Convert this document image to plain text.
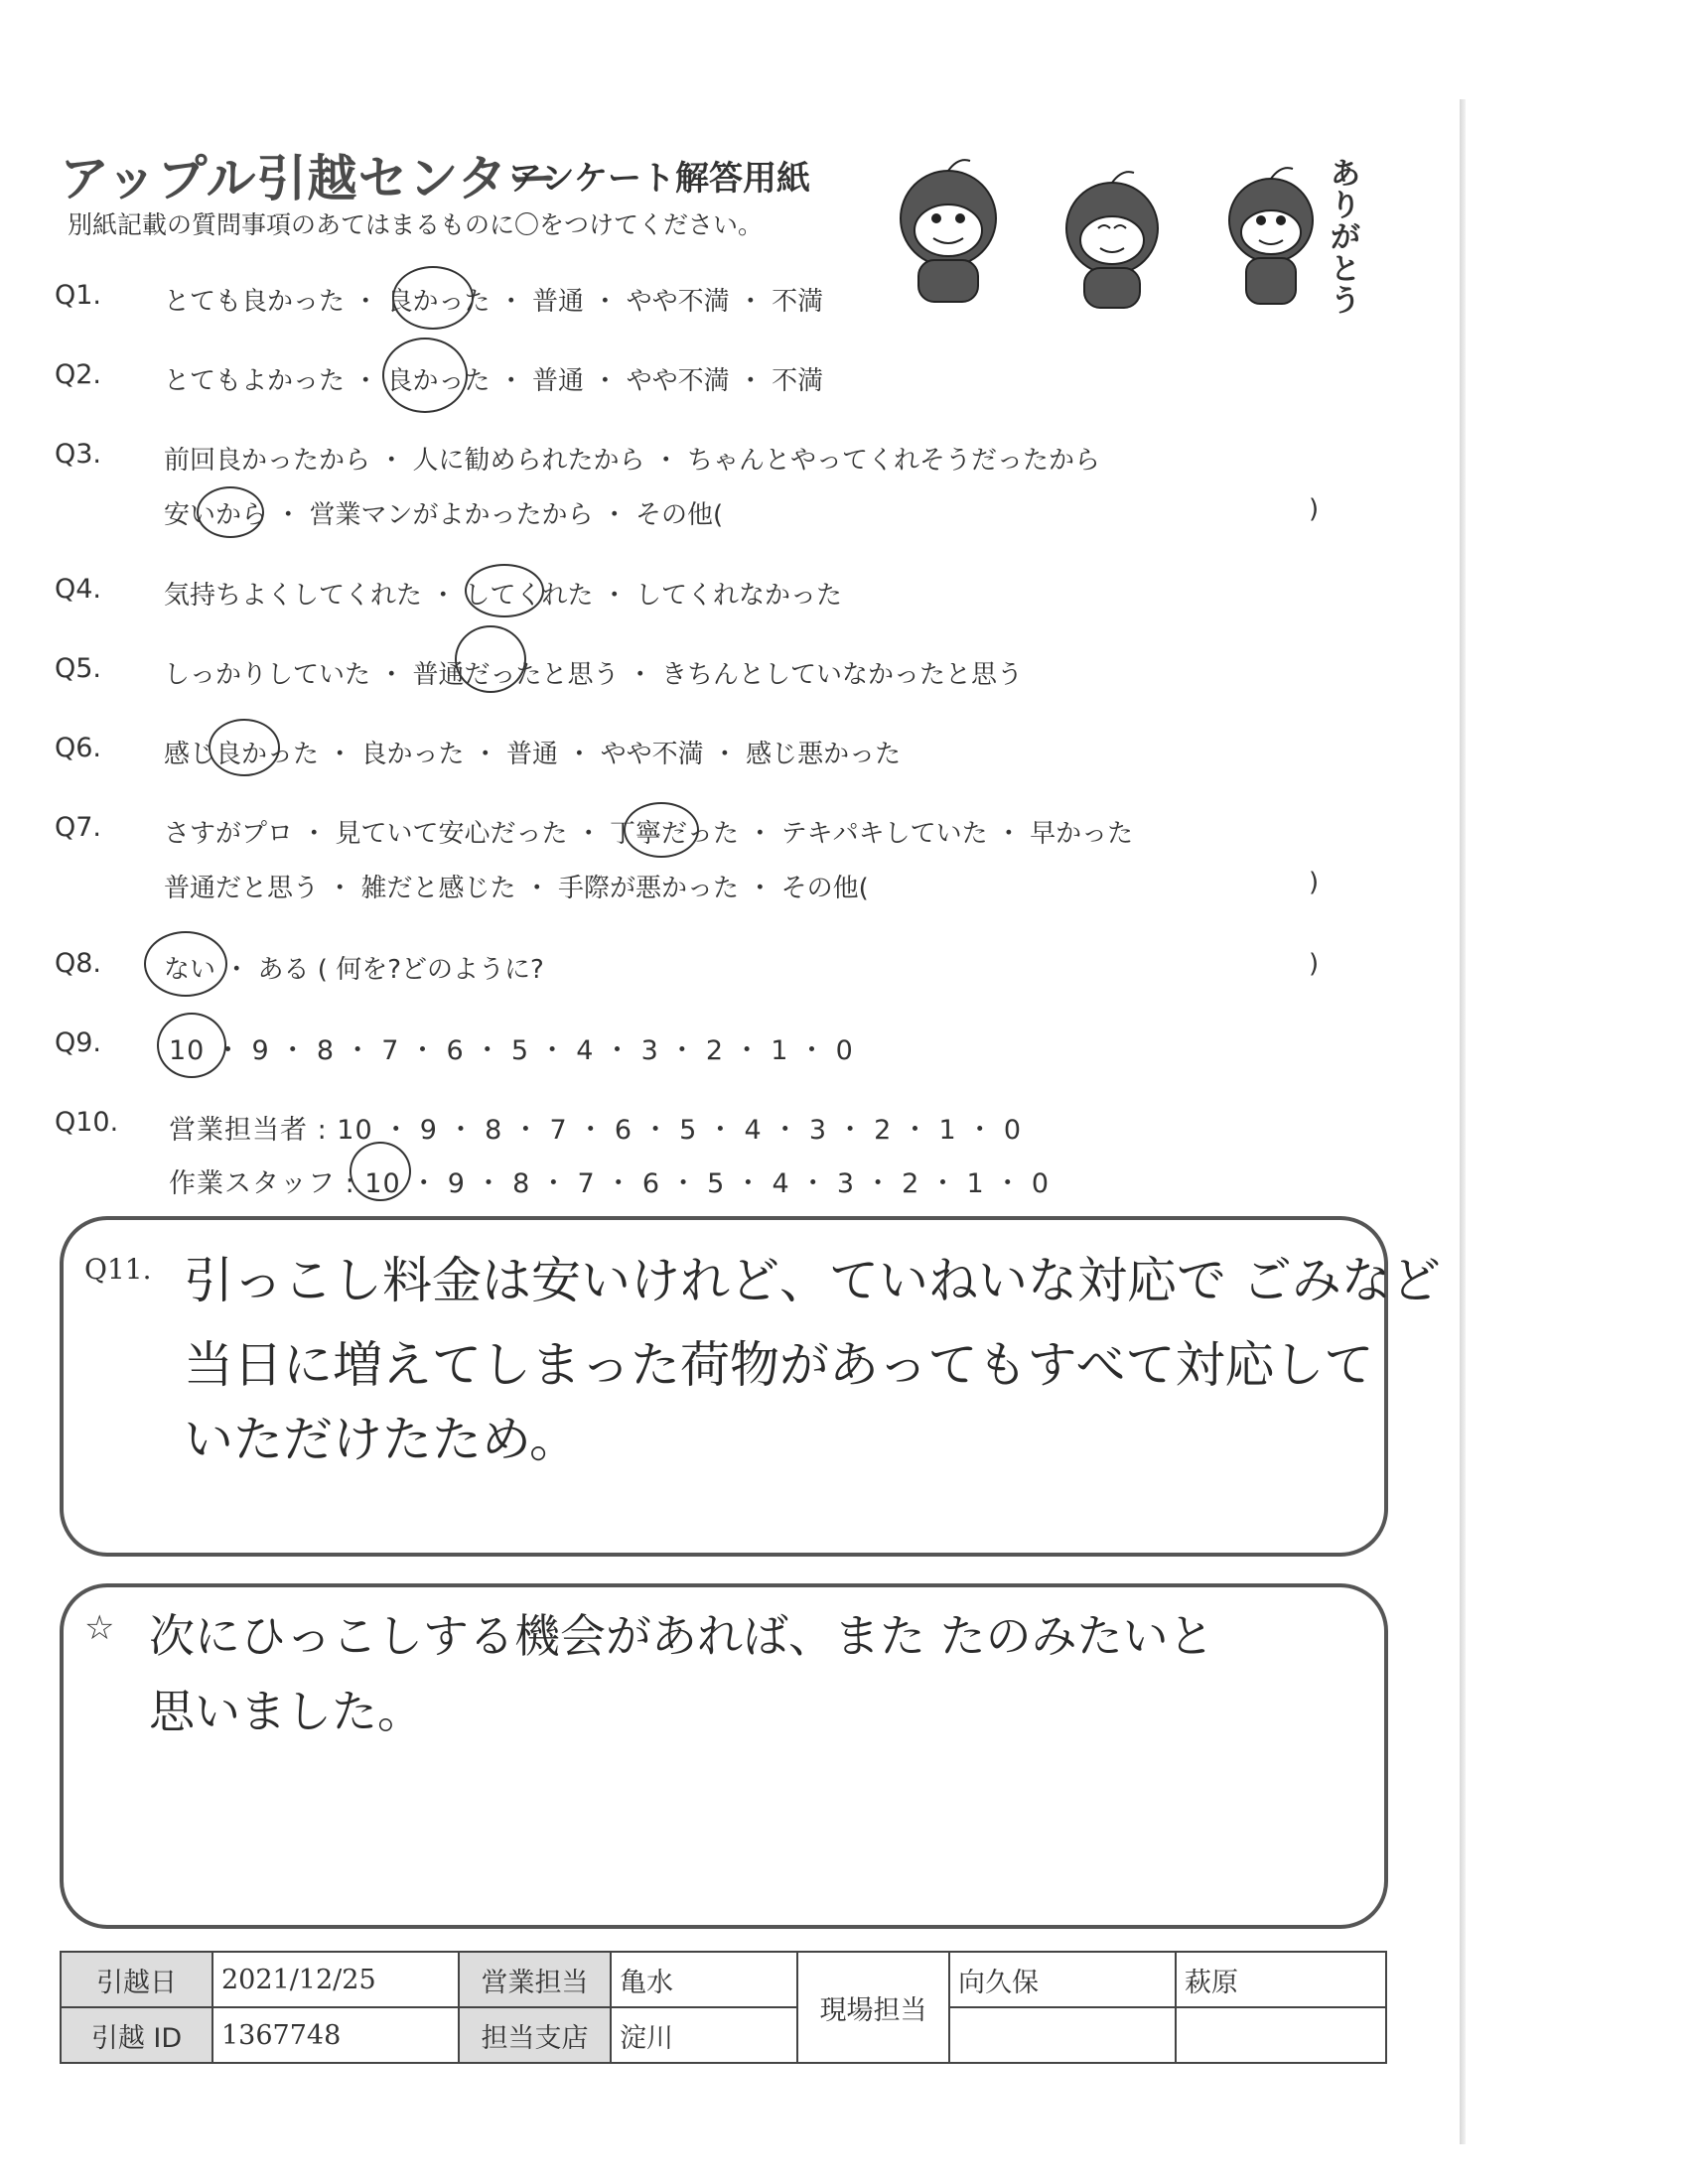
アップル引越センター
アンケート解答用紙
別紙記載の質問事項のあてはまるものに〇をつけてください。
ありがとう
Q1. とても良かった ・ 良かった ・ 普通 ・ やや不満 ・ 不満
Q2. とてもよかった ・ 良かった ・ 普通 ・ やや不満 ・ 不満
Q3. 前回良かったから ・ 人に勧められたから ・ ちゃんとやってくれそうだったから
安いから ・ 営業マンがよかったから ・ その他(	)
Q4. 気持ちよくしてくれた ・ してくれた ・ してくれなかった
Q5. しっかりしていた ・ 普通だったと思う ・ きちんとしていなかったと思う
Q6. 感じ良かった ・ 良かった ・ 普通 ・ やや不満 ・ 感じ悪かった
Q7. さすがプロ ・ 見ていて安心だった ・ 丁寧だった ・ テキパキしていた ・ 早かった
普通だと思う ・ 雑だと感じた ・ 手際が悪かった ・ その他(	)
Q8. ない ・ ある ( 何を?どのように?	)
Q9.	10 ・ 9 ・ 8 ・ 7 ・ 6 ・ 5 ・ 4 ・ 3 ・ 2 ・ 1 ・ 0
Q10. 営業担当者 : 10 ・ 9 ・ 8 ・ 7 ・ 6 ・ 5 ・ 4 ・ 3 ・ 2 ・ 1 ・ 0
作業スタッフ : 10 ・ 9 ・ 8 ・ 7 ・ 6 ・ 5 ・ 4 ・ 3 ・ 2 ・ 1 ・ 0
Q11. 引っこし料金は安いけれど、ていねいな対応で ごみなど
当日に増えてしまった荷物があってもすべて対応して
いただけたため。
☆ 次にひっこしする機会があれば、また たのみたいと
思いました。
引越日	2021/12/25	営業担当	亀水	現場担当	向久保	萩原
引越 ID	1367748	担当支店	淀川			
